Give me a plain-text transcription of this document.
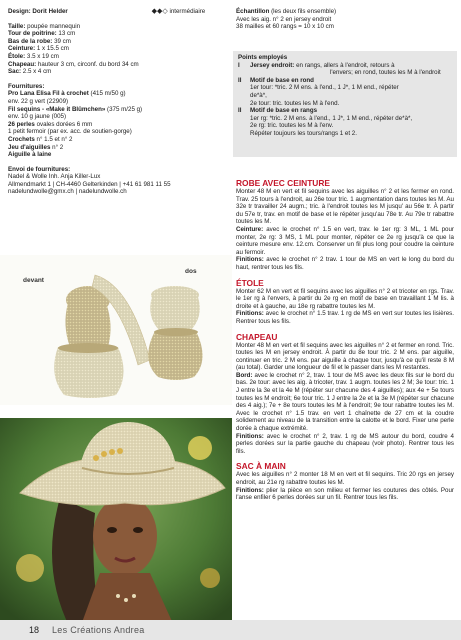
Design: Dorit Helder	◆◆◇ intermédiaire

Taille: poupée mannequin

Tour de poitrine: 13 cm

Bas de la robe: 39 cm

Ceinture: 1 x 15.5 cm

Étole: 3.5 x 19 cm

Chapeau: hauteur 3 cm, circonf. du bord 34 cm

Sac: 2.5 x 4 cm

Fournitures:

Pro Lana Elisa Fil à crochet (415 m/50 g)

env. 22 g vert (22909)

Fil sequins - «Make it Blümchen» (375 m/25 g)

env. 10 g jaune (005)

26 perles ovales dorées 6 mm

1 petit fermoir (par ex. acc. de soutien-gorge)

Crochets n° 1.5 et n° 2

Jeu d'aiguilles n° 2

Aiguille à laine

Envoi de fournitures:

Nadel & Wolle Inh. Anja Killer-Lux

Allmendmarkt 1 | CH-4460 Gelterkinden | +41 61 981 11 55

nadelundwolle@gmx.ch | nadelundwolle.ch

devant
dos

Échantillon (les deux fils ensemble)

Avec les aig. n° 2 en jersey endroit

38 mailles et 60 rangs = 10 x 10 cm

Points employés

I Jersey endroit: en rangs, allers à l'endroit, retours à

l'envers; en rond, toutes les M à l'endroit

II Motif de base en rond

1er tour: *tric. 2 M ens. à l'end., 1 J*, 1 M end., répéter

de*à*,

2e tour: tric. toutes les M à l'end.

II Motif de base en rangs

1er rg: *tric. 2 M ens. à l'end., 1 J*, 1 M end., répéter de*à*,

2e rg: tric. toutes les M à l'env.

Répéter toujours les tours/rangs 1 et 2.

ROBE AVEC CEINTURE

Monter 48 M en vert et fil sequins avec les aiguilles n° 2 et les fermer en rond. Trav. 25 tours à l'endroit, au 26e tour tric. 1 augmentation dans toutes les M. Au 32e tr travailler 24 augm.; tric. à l'endroit toutes les M jusqu' au 56e tr. À partir du 57e tr, trav. en motif de base et le répéter jusqu'au 78e tr. Au 79e tr rabattre toutes les M.

Ceinture: avec le crochet n° 1.5 en vert, trav. le 1er rg: 3 ML, 1 ML pour monter, 2e rg: 3 MS, 1 ML pour monter, répéter ce 2e rg jusqu'à ce que la ceinture mesure env. 12.cm. Conserver un fil plus long pour coudre la ceinture au fermoir.

Finitions: avec le crochet n° 2 trav. 1 tour de MS en vert le long du bord du haut, rentrer tous les fils.

ÉTOLE

Monter 62 M en vert et fil sequins avec les aiguilles n° 2 et tricoter en rgs. Trav. le 1er rg à l'envers, à partir du 2e rg en motif de base en travaillant 1 M lis. à droite et à gauche, au 18e rg rabattre toutes les M.

Finitions: avec le crochet n° 1.5 trav. 1 rg de MS en vert sur toutes les lisières. Rentrer tous les fils.

CHAPEAU

Monter 48 M en vert et fil sequins avec les aiguilles n° 2 et fermer en rond. Tric. toutes les M en jersey endroit. À partir du 8e tour tric. 2 M ens. par aiguille, continuer en tric. 2 M ens. par aiguille à chaque tour, jusqu'à ce qu'il reste 8 M (au total). Garder une longueur de fil et le passer dans les M restantes.

Bord: avec le crochet n° 2, trav. 1 tour de MS avec les deux fils sur le bord du bas. 2e tour: avec les aig. à tricoter, trav. 1 augm. toutes les 2 M; 3e tour: tric. 1 J entre la 3e et la 4e M (répéter sur chacune des 4 aiguilles); aux 4e + 5e tours toutes les M endroit; 6e tour tric. 1 J entre la 2e et la 3e M (répéter sur chacune des 4 aig.); 7e + 8e tours toutes les M à l'endroit; 9e tour rabattre toutes les M. Avec le crochet n° 1.5 trav. en vert 1 chaînette de 27 cm et la coudre solidement au niveau de la transition entre la calotte et le bord. Fixer une perle dorée à chaque extrémité.

Finitions: avec le crochet n° 2, trav. 1 rg de MS autour du bord, coudre 4 perles dorées sur la partie gauche du chapeau (voir photo). Rentrer tous les fils.

SAC À MAIN

Avec les aiguilles n° 2 monter 18 M en vert et fil sequins. Tric 20 rgs en jersey endroit, au 21e rg rabattre toutes les M.

Finitions: plier la pièce en son milieu et fermer les coutures des côtés. Pour l'anse enfiler 6 perles dorées sur un fil. Rentrer tous les fils.

18 Les Créations Andrea
